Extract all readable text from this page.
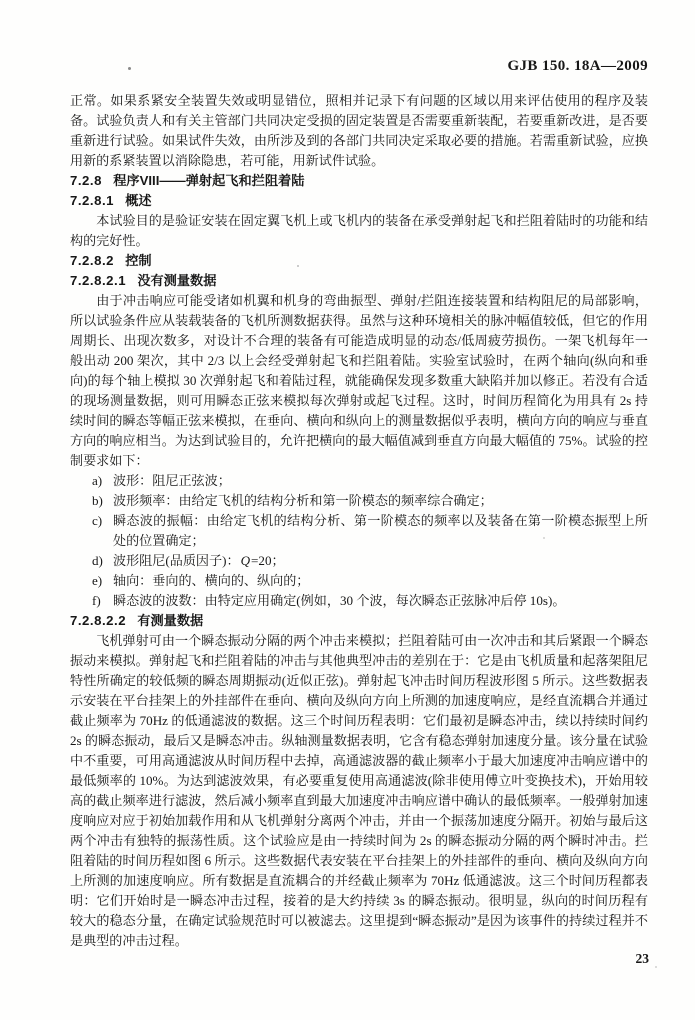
GJB 150. 18A—2009

正常。如果系紧安全装置失效或明显错位，照相并记录下有问题的区域以用来评估使用的程序及装备。试验负责人和有关主管部门共同决定受损的固定装置是否需要重新装配，若要重新改进，是否要重新进行试验。如果试件失效，由所涉及到的各部门共同决定采取必要的措施。若需重新试验，应换用新的系紧装置以消除隐患，若可能，用新试件试验。

7.2.8 程序VIII——弹射起飞和拦阻着陆
7.2.8.1 概述

本试验目的是验证安装在固定翼飞机上或飞机内的装备在承受弹射起飞和拦阻着陆时的功能和结构的完好性。

7.2.8.2 控制
7.2.8.2.1 没有测量数据

由于冲击响应可能受诸如机翼和机身的弯曲振型、弹射/拦阻连接装置和结构阻尼的局部影响，所以试验条件应从装载装备的飞机所测数据获得。虽然与这种环境相关的脉冲幅值较低，但它的作用周期长、出现次数多，对设计不合理的装备有可能造成明显的动态/低周疲劳损伤。一架飞机每年一般出动 200 架次，其中 2/3 以上会经受弹射起飞和拦阻着陆。实验室试验时，在两个轴向(纵向和垂向)的每个轴上模拟 30 次弹射起飞和着陆过程，就能确保发现多数重大缺陷并加以修正。若没有合适的现场测量数据，则可用瞬态正弦来模拟每次弹射或起飞过程。这时，时间历程简化为用具有 2s 持续时间的瞬态等幅正弦来模拟，在垂向、横向和纵向上的测量数据似乎表明，横向方向的响应与垂直方向的响应相当。为达到试验目的，允许把横向的最大幅值减到垂直方向最大幅值的 75%。试验的控制要求如下：

a) 波形：阻尼正弦波；
b) 波形频率：由给定飞机的结构分析和第一阶模态的频率综合确定；
c) 瞬态波的振幅：由给定飞机的结构分析、第一阶模态的频率以及装备在第一阶模态振型上所处的位置确定；
d) 波形阻尼(品质因子)：Q=20；
e) 轴向：垂向的、横向的、纵向的；
f) 瞬态波的波数：由特定应用确定(例如，30 个波，每次瞬态正弦脉冲后停 10s)。
7.2.8.2.2 有测量数据

飞机弹射可由一个瞬态振动分隔的两个冲击来模拟；拦阻着陆可由一次冲击和其后紧跟一个瞬态振动来模拟。弹射起飞和拦阻着陆的冲击与其他典型冲击的差别在于：它是由飞机质量和起落架阻尼特性所确定的较低频的瞬态周期振动(近似正弦)。弹射起飞冲击时间历程波形图 5 所示。这些数据表示安装在平台挂架上的外挂部件在垂向、横向及纵向方向上所测的加速度响应，是经直流耦合并通过截止频率为 70Hz 的低通滤波的数据。这三个时间历程表明：它们最初是瞬态冲击，续以持续时间约 2s 的瞬态振动，最后又是瞬态冲击。纵轴测量数据表明，它含有稳态弹射加速度分量。该分量在试验中不重要，可用高通滤波从时间历程中去掉，高通滤波器的截止频率小于最大加速度冲击响应谱中的最低频率的 10%。为达到滤波效果，有必要重复使用高通滤波(除非使用傅立叶变换技术)，开始用较高的截止频率进行滤波，然后减小频率直到最大加速度冲击响应谱中确认的最低频率。一般弹射加速度响应对应于初始加载作用和从飞机弹射分离两个冲击，并由一个振荡加速度分隔开。初始与最后这两个冲击有独特的振荡性质。这个试验应是由一持续时间为 2s 的瞬态振动分隔的两个瞬时冲击。拦阻着陆的时间历程如图 6 所示。这些数据代表安装在平台挂架上的外挂部件的垂向、横向及纵向方向上所测的加速度响应。所有数据是直流耦合的并经截止频率为 70Hz 低通滤波。这三个时间历程都表明：它们开始时是一瞬态冲击过程，接着的是大约持续 3s 的瞬态振动。很明显，纵向的时间历程有较大的稳态分量，在确定试验规范时可以被滤去。这里提到“瞬态振动”是因为该事件的持续过程并不是典型的冲击过程。

23
